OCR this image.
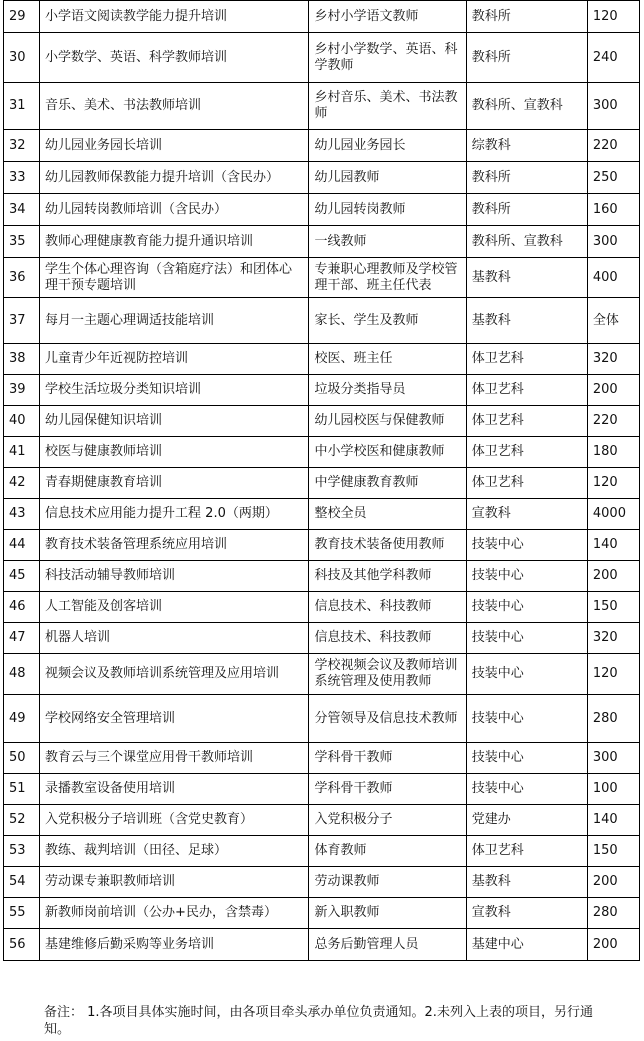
29	小学语文阅读教学能力提升培训	乡村小学语文教师	教科所	120
30	小学数学、英语、科学教师培训	乡村小学数学、英语、科学教师	教科所	240
31	音乐、美术、书法教师培训	乡村音乐、美术、书法教师	教科所、宣教科	300
32	幼儿园业务园长培训	幼儿园业务园长	综教科	220
33	幼儿园教师保教能力提升培训（含民办）	幼儿园教师	教科所	250
34	幼儿园转岗教师培训（含民办）	幼儿园转岗教师	教科所	160
35	教师心理健康教育能力提升通识培训	一线教师	教科所、宣教科	300
36	学生个体心理咨询（含箱庭疗法）和团体心理干预专题培训	专兼职心理教师及学校管理干部、班主任代表	基教科	400
37	每月一主题心理调适技能培训	家长、学生及教师	基教科	全体
38	儿童青少年近视防控培训	校医、班主任	体卫艺科	320
39	学校生活垃圾分类知识培训	垃圾分类指导员	体卫艺科	200
40	幼儿园保健知识培训	幼儿园校医与保健教师	体卫艺科	220
41	校医与健康教师培训	中小学校医和健康教师	体卫艺科	180
42	青春期健康教育培训	中学健康教育教师	体卫艺科	120
43	信息技术应用能力提升工程 2.0（两期）	整校全员	宣教科	4000
44	教育技术装备管理系统应用培训	教育技术装备使用教师	技装中心	140
45	科技活动辅导教师培训	科技及其他学科教师	技装中心	200
46	人工智能及创客培训	信息技术、科技教师	技装中心	150
47	机器人培训	信息技术、科技教师	技装中心	320
48	视频会议及教师培训系统管理及应用培训	学校视频会议及教师培训系统管理及使用教师	技装中心	120
49	学校网络安全管理培训	分管领导及信息技术教师	技装中心	280
50	教育云与三个课堂应用骨干教师培训	学科骨干教师	技装中心	300
51	录播教室设备使用培训	学科骨干教师	技装中心	100
52	入党积极分子培训班（含党史教育）	入党积极分子	党建办	140
53	教练、裁判培训（田径、足球）	体育教师	体卫艺科	150
54	劳动课专兼职教师培训	劳动课教师	基教科	200
55	新教师岗前培训（公办+民办，含禁毒）	新入职教师	宣教科	280
56	基建维修后勤采购等业务培训	总务后勤管理人员	基建中心	200
备注： 1.各项目具体实施时间，由各项目牵头承办单位负责通知。2.未列入上表的项目，另行通知。
